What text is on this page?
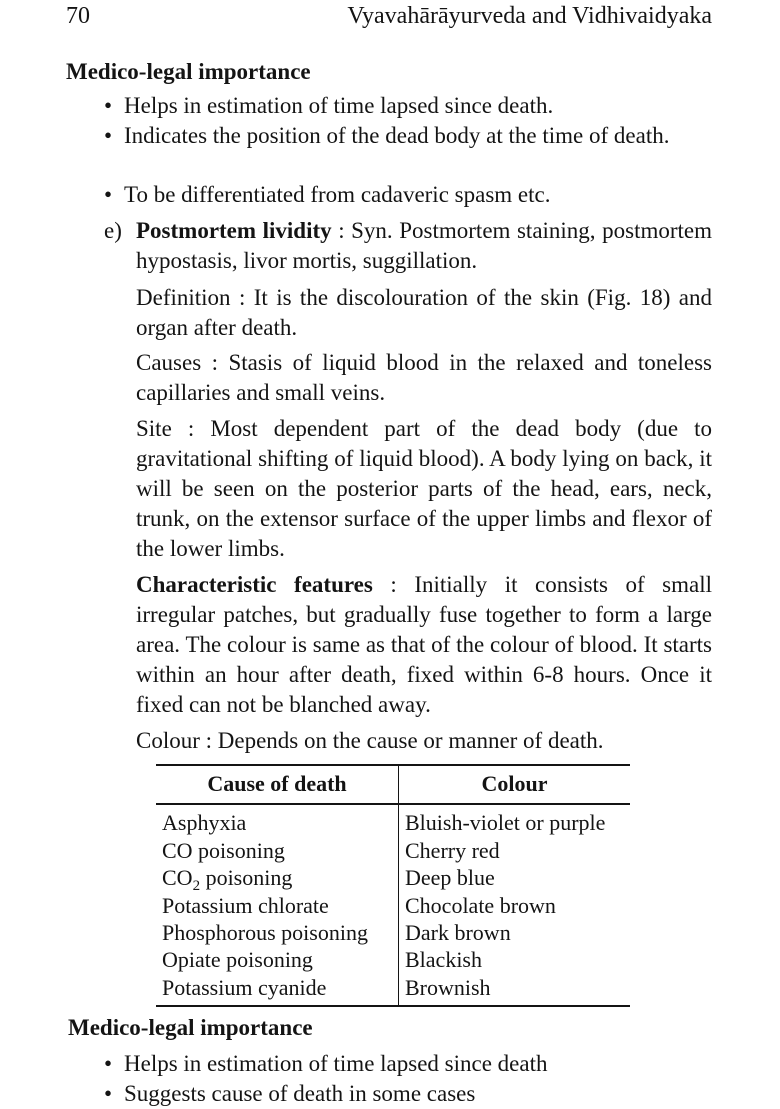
70	Vyavahārāyurveda and Vidhivaidyaka
Medico-legal importance
• Helps in estimation of time lapsed since death.
• Indicates the position of the dead body at the time of death.
• To be differentiated from cadaveric spasm etc.
e) Postmortem lividity : Syn. Postmortem staining, postmortem hypostasis, livor mortis, suggillation.
Definition : It is the discolouration of the skin (Fig. 18) and organ after death.
Causes : Stasis of liquid blood in the relaxed and toneless capillaries and small veins.
Site : Most dependent part of the dead body (due to gravitational shifting of liquid blood). A body lying on back, it will be seen on the posterior parts of the head, ears, neck, trunk, on the extensor surface of the upper limbs and flexor of the lower limbs.
Characteristic features : Initially it consists of small irregular patches, but gradually fuse together to form a large area. The colour is same as that of the colour of blood. It starts within an hour after death, fixed within 6-8 hours. Once it fixed can not be blanched away.
Colour : Depends on the cause or manner of death.
Cause of death	Colour
Asphyxia	Bluish-violet or purple
CO poisoning	Cherry red
$CO_2$ poisoning	Deep blue
Potassium chlorate	Chocolate brown
Phosphorous poisoning	Dark brown
Opiate poisoning	Blackish
Potassium cyanide	Brownish
Medico-legal importance
• Helps in estimation of time lapsed since death
• Suggests cause of death in some cases
